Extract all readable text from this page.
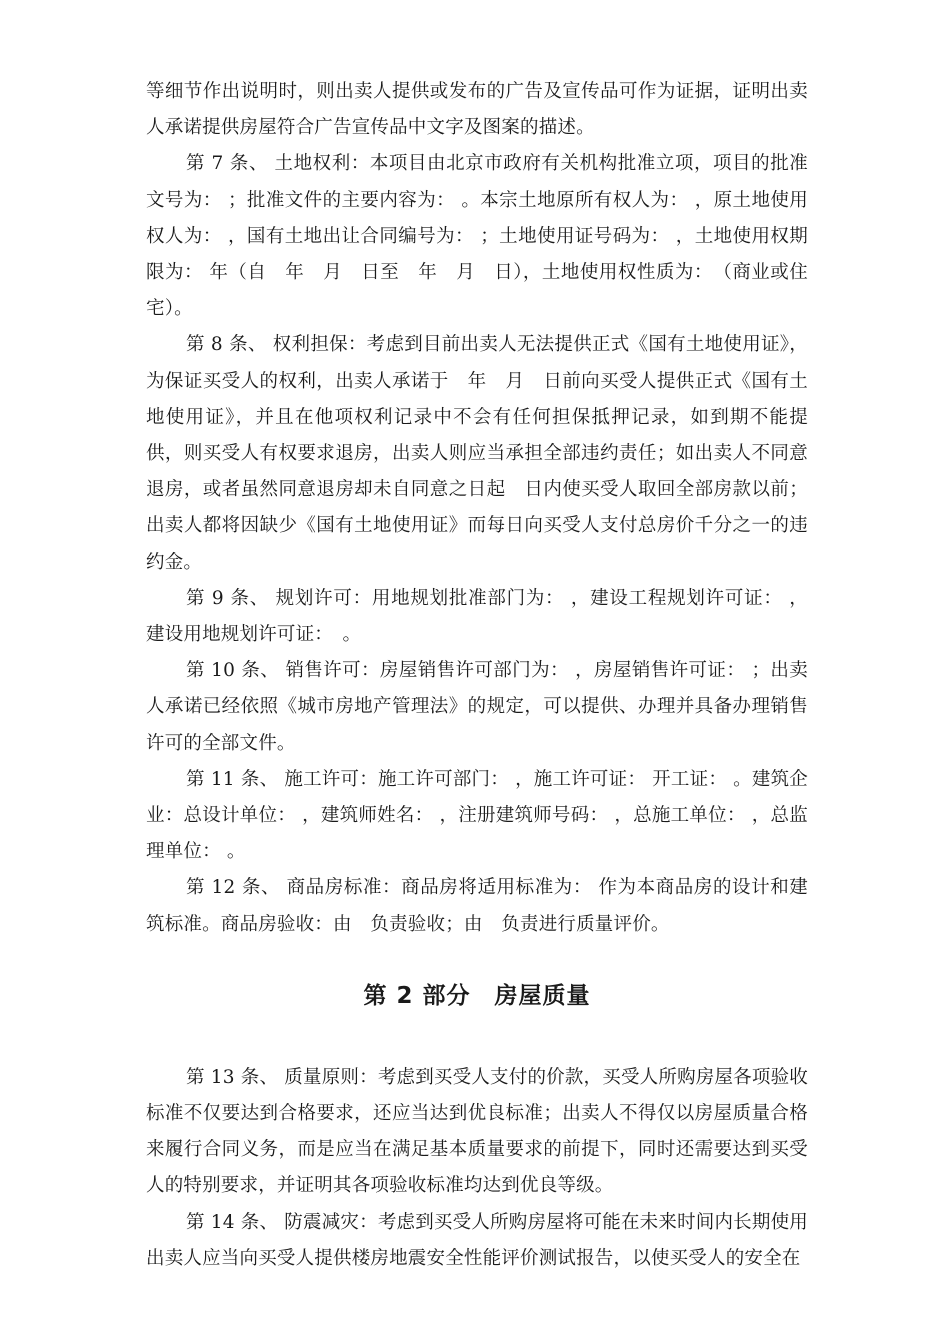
等细节作出说明时，则出卖人提供或发布的广告及宣传品可作为证据，证明出卖人承诺提供房屋符合广告宣传品中文字及图案的描述。

第 7 条、 土地权利：本项目由北京市政府有关机构批准立项，项目的批准文号为： ；批准文件的主要内容为： 。本宗土地原所有权人为： ，原土地使用权人为： ，国有土地出让合同编号为： ；土地使用证号码为： ，土地使用权期限为： 年（自　年　月　日至　年　月　日），土地使用权性质为：　（商业或住宅）。

第 8 条、 权利担保：考虑到目前出卖人无法提供正式《国有土地使用证》，为保证买受人的权利，出卖人承诺于　年　月　日前向买受人提供正式《国有土地使用证》，并且在他项权利记录中不会有任何担保抵押记录，如到期不能提供，则买受人有权要求退房，出卖人则应当承担全部违约责任；如出卖人不同意退房，或者虽然同意退房却未自同意之日起　日内使买受人取回全部房款以前；出卖人都将因缺少《国有土地使用证》而每日向买受人支付总房价千分之一的违约金。

第 9 条、 规划许可：用地规划批准部门为： ，建设工程规划许可证： ，建设用地规划许可证：　。

第 10 条、 销售许可：房屋销售许可部门为： ，房屋销售许可证： ；出卖人承诺已经依照《城市房地产管理法》的规定，可以提供、办理并具备办理销售许可的全部文件。

第 11 条、 施工许可：施工许可部门： ，施工许可证： 开工证： 。建筑企业：总设计单位： ，建筑师姓名： ，注册建筑师号码： ，总施工单位： ，总监理单位： 。

第 12 条、 商品房标准：商品房将适用标准为： 作为本商品房的设计和建筑标准。商品房验收：由　负责验收；由　负责进行质量评价。

第 2 部分　房屋质量

第 13 条、 质量原则：考虑到买受人支付的价款，买受人所购房屋各项验收标准不仅要达到合格要求，还应当达到优良标准；出卖人不得仅以房屋质量合格来履行合同义务，而是应当在满足基本质量要求的前提下，同时还需要达到买受人的特别要求，并证明其各项验收标准均达到优良等级。

第 14 条、 防震减灾：考虑到买受人所购房屋将可能在未来时间内长期使用出卖人应当向买受人提供楼房地震安全性能评价测试报告，以使买受人的安全在
